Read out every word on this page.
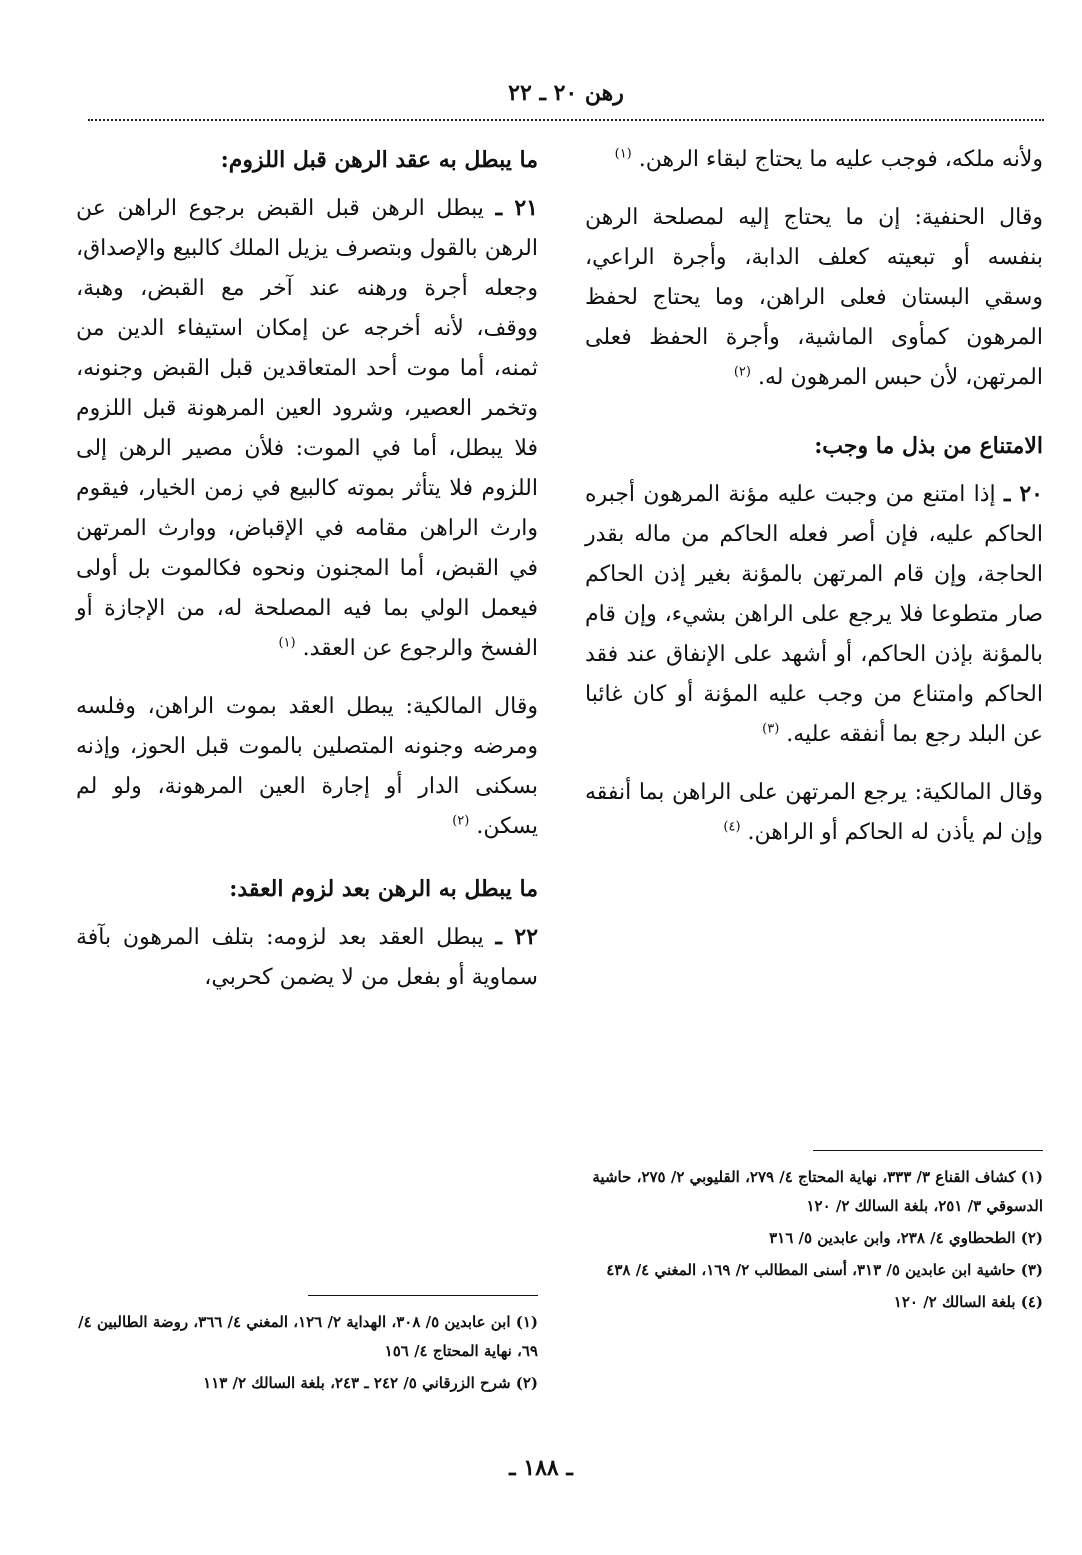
رهن ٢٠ ـ ٢٢

ولأنه ملكه، فوجب عليه ما يحتاج لبقاء الرهن. $^{(١)}$

وقال الحنفية: إن ما يحتاج إليه لمصلحة الرهن بنفسه أو تبعيته كعلف الدابة، وأجرة الراعي، وسقي البستان فعلى الراهن، وما يحتاج لحفظ المرهون كمأوى الماشية، وأجرة الحفظ فعلى المرتهن، لأن حبس المرهون له. $^{(٢)}$

الامتناع من بذل ما وجب:

٢٠ ـ إذا امتنع من وجبت عليه مؤنة المرهون أجبره الحاكم عليه، فإن أصر فعله الحاكم من ماله بقدر الحاجة، وإن قام المرتهن بالمؤنة بغير إذن الحاكم صار متطوعا فلا يرجع على الراهن بشيء، وإن قام بالمؤنة بإذن الحاكم، أو أشهد على الإنفاق عند فقد الحاكم وامتناع من وجب عليه المؤنة أو كان غائبا عن البلد رجع بما أنفقه عليه. $^{(٣)}$

وقال المالكية: يرجع المرتهن على الراهن بما أنفقه وإن لم يأذن له الحاكم أو الراهن. $^{(٤)}$

ما يبطل به عقد الرهن قبل اللزوم:

٢١ ـ يبطل الرهن قبل القبض برجوع الراهن عن الرهن بالقول وبتصرف يزيل الملك كالبيع والإصداق، وجعله أجرة ورهنه عند آخر مع القبض، وهبة، ووقف، لأنه أخرجه عن إمكان استيفاء الدين من ثمنه، أما موت أحد المتعاقدين قبل القبض وجنونه، وتخمر العصير، وشرود العين المرهونة قبل اللزوم فلا يبطل، أما في الموت: فلأن مصير الرهن إلى اللزوم فلا يتأثر بموته كالبيع في زمن الخيار، فيقوم وارث الراهن مقامه في الإقباض، ووارث المرتهن في القبض، أما المجنون ونحوه فكالموت بل أولى فيعمل الولي بما فيه المصلحة له، من الإجازة أو الفسخ والرجوع عن العقد. $^{(١)}$

وقال المالكية: يبطل العقد بموت الراهن، وفلسه ومرضه وجنونه المتصلين بالموت قبل الحوز، وإذنه بسكنى الدار أو إجارة العين المرهونة، ولو لم يسكن. $^{(٢)}$

ما يبطل به الرهن بعد لزوم العقد:

٢٢ ـ يبطل العقد بعد لزومه: بتلف المرهون بآفة سماوية أو بفعل من لا يضمن كحربي،

(١) كشاف القناع ٣/ ٣٣٣، نهاية المحتاج ٤/ ٢٧٩، القليوبي ٢/ ٢٧٥، حاشية الدسوقي ٣/ ٢٥١، بلغة السالك ٢/ ١٢٠
(٢) الطحطاوي ٤/ ٢٣٨، وابن عابدين ٥/ ٣١٦
(٣) حاشية ابن عابدين ٥/ ٣١٣، أسنى المطالب ٢/ ١٦٩، المغني ٤/ ٤٣٨
(٤) بلغة السالك ٢/ ١٢٠
(١) ابن عابدين ٥/ ٣٠٨، الهداية ٢/ ١٢٦، المغني ٤/ ٣٦٦، روضة الطالبين ٤/ ٦٩، نهاية المحتاج ٤/ ١٥٦
(٢) شرح الزرقاني ٥/ ٢٤٢ ـ ٢٤٣، بلغة السالك ٢/ ١١٣
ـ ١٨٨ ـ
